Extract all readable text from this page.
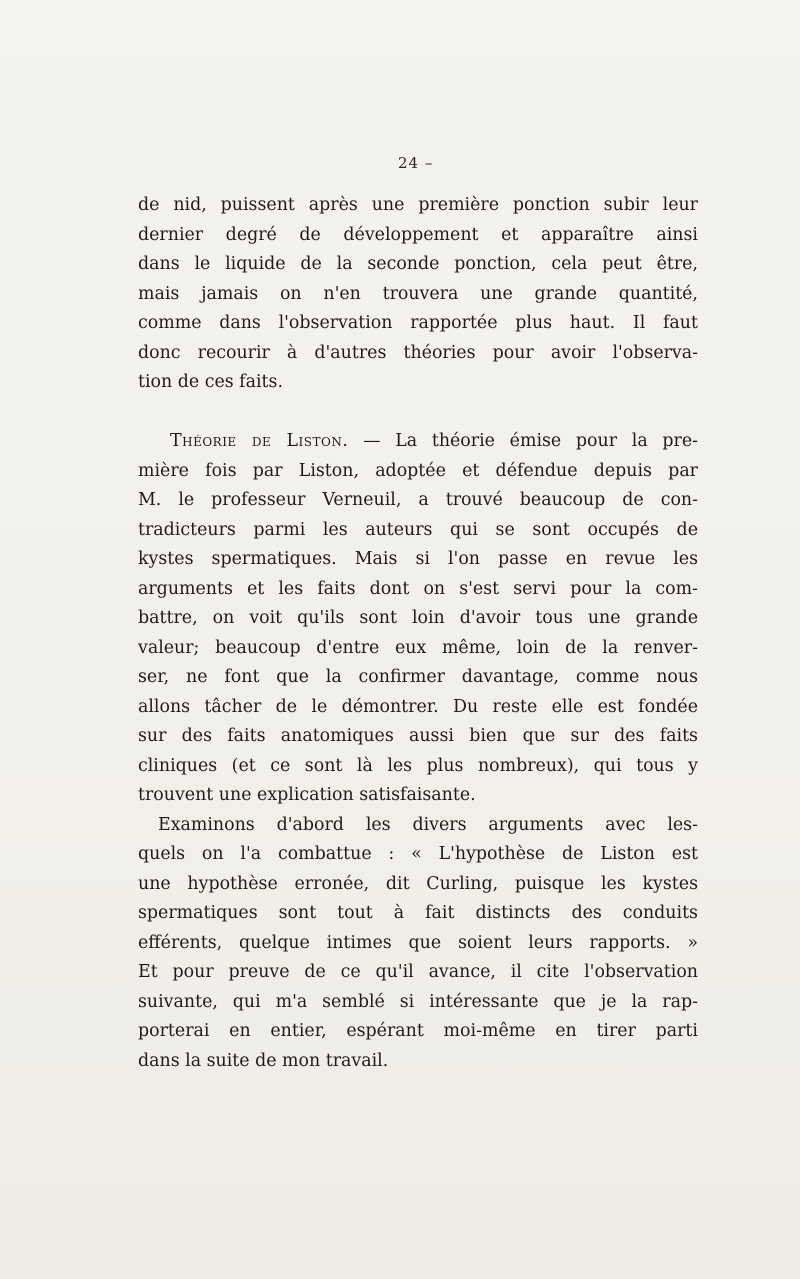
24 –
de nid, puissent après une première ponction subir leur
dernier degré de développement et apparaître ainsi
dans le liquide de la seconde ponction, cela peut être,
mais jamais on n'en trouvera une grande quantité,
comme dans l'observation rapportée plus haut. Il faut
donc recourir à d'autres théories pour avoir l'observa-
tion de ces faits.
Théorie de Liston. — La théorie émise pour la pre-
mière fois par Liston, adoptée et défendue depuis par
M. le professeur Verneuil, a trouvé beaucoup de con-
tradicteurs parmi les auteurs qui se sont occupés de
kystes spermatiques. Mais si l'on passe en revue les
arguments et les faits dont on s'est servi pour la com-
battre, on voit qu'ils sont loin d'avoir tous une grande
valeur; beaucoup d'entre eux même, loin de la renver-
ser, ne font que la confirmer davantage, comme nous
allons tâcher de le démontrer. Du reste elle est fondée
sur des faits anatomiques aussi bien que sur des faits
cliniques (et ce sont là les plus nombreux), qui tous y
trouvent une explication satisfaisante.
Examinons d'abord les divers arguments avec les-
quels on l'a combattue : « L'hypothèse de Liston est
une hypothèse erronée, dit Curling, puisque les kystes
spermatiques sont tout à fait distincts des conduits
efférents, quelque intimes que soient leurs rapports. »
Et pour preuve de ce qu'il avance, il cite l'observation
suivante, qui m'a semblé si intéressante que je la rap-
porterai en entier, espérant moi-même en tirer parti
dans la suite de mon travail.
